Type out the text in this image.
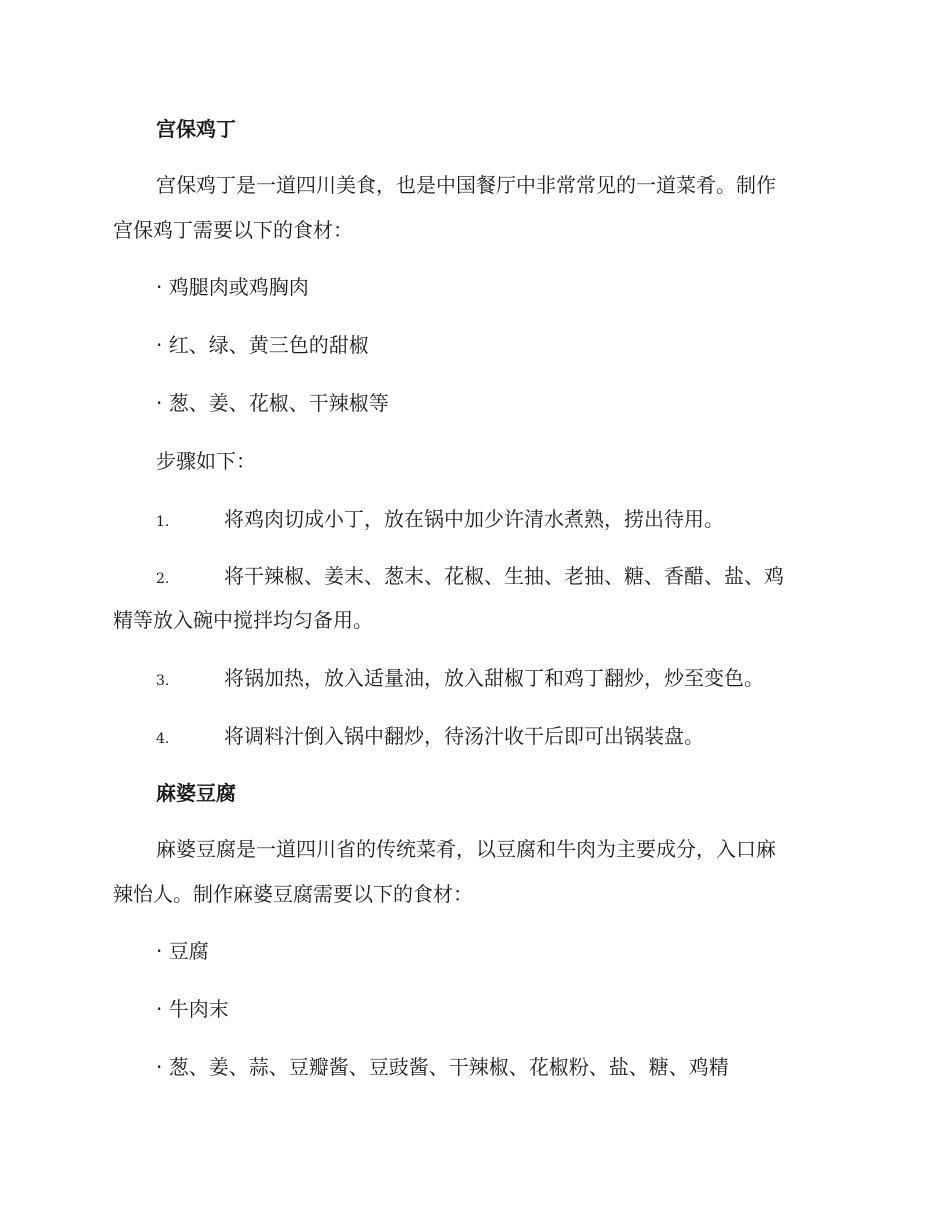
宫保鸡丁
宫保鸡丁是一道四川美食，也是中国餐厅中非常常见的一道菜肴。制作
宫保鸡丁需要以下的食材：
· 鸡腿肉或鸡胸肉
· 红、绿、黄三色的甜椒
· 葱、姜、花椒、干辣椒等
步骤如下：
1.	将鸡肉切成小丁，放在锅中加少许清水煮熟，捞出待用。
2.	将干辣椒、姜末、葱末、花椒、生抽、老抽、糖、香醋、盐、鸡
精等放入碗中搅拌均匀备用。
3.	将锅加热，放入适量油，放入甜椒丁和鸡丁翻炒，炒至变色。
4.	将调料汁倒入锅中翻炒，待汤汁收干后即可出锅装盘。
麻婆豆腐
麻婆豆腐是一道四川省的传统菜肴，以豆腐和牛肉为主要成分，入口麻
辣怡人。制作麻婆豆腐需要以下的食材：
· 豆腐
· 牛肉末
· 葱、姜、蒜、豆瓣酱、豆豉酱、干辣椒、花椒粉、盐、糖、鸡精
